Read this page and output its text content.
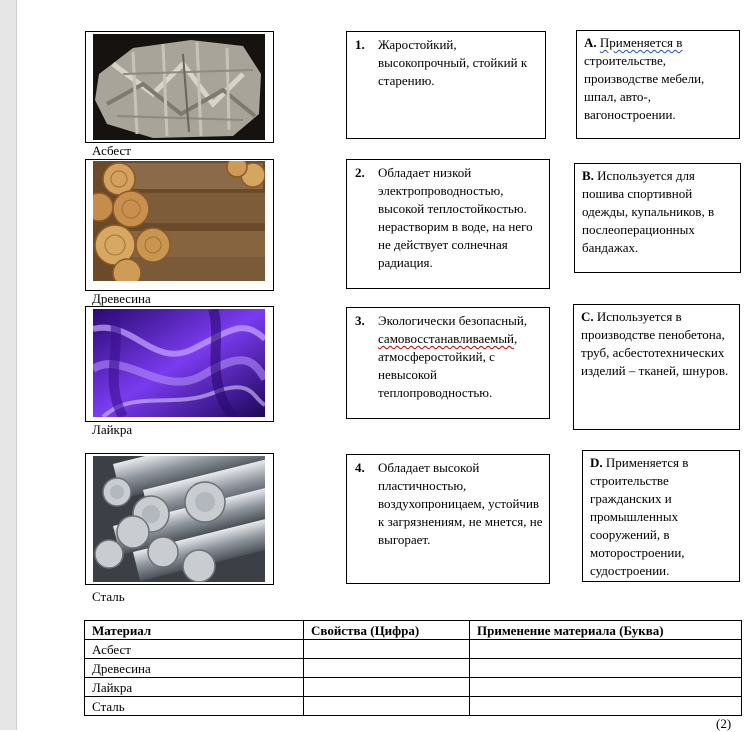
Асбест
1. Жаростойкий, высокопрочный, стойкий к старению.
A. Применяется в строительстве, производстве мебели, шпал, авто-, вагоностроении.
Древесина
2. Обладает низкой электропроводностью, высокой теплостойкостью. нерастворим в воде, на него не действует солнечная радиация.
B. Используется для пошива спортивной одежды, купальников, в послеоперационных бандажах.
Лайкра
3. Экологически безопасный, самовосстанавливаемый, атмосферостойкий, с невысокой теплопроводностью.
C. Используется в производстве пенобетона, труб, асбестотехнических изделий – тканей, шнуров.
Сталь
4. Обладает высокой пластичностью, воздухопроницаем, устойчив к загрязнениям, не мнется, не выгорает.
D. Применяется в строительстве гражданских и промышленных сооружений, в моторостроении, судостроении.
Материал	Свойства (Цифра)	Применение материала (Буква)
Асбест		
Древесина		
Лайкра		
Сталь		
(2)
